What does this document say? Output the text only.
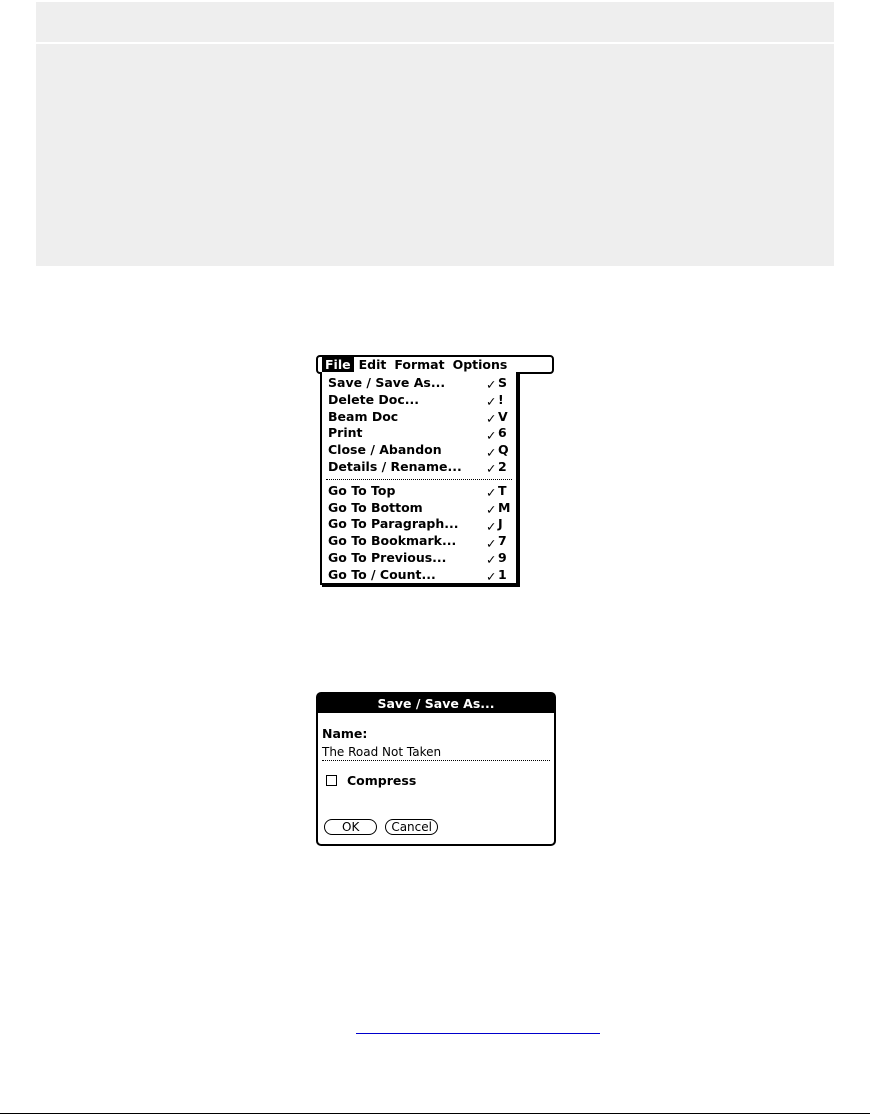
File Edit Format Options
Save / Save As...	✓ S
Delete Doc...	✓ !
Beam Doc	✓ V
Print	✓ 6
Close / Abandon	✓ Q
Details / Rename... ✓ 2
Go To Top	✓ T
Go To Bottom	✓ M
Go To Paragraph... ✓ J
Go To Bookmark... ✓ 7
Go To Previous...	✓ 9
Go To / Count...	✓ 1
Save / Save As...
Name:
The Road Not Taken
Compress
OK	Cancel
